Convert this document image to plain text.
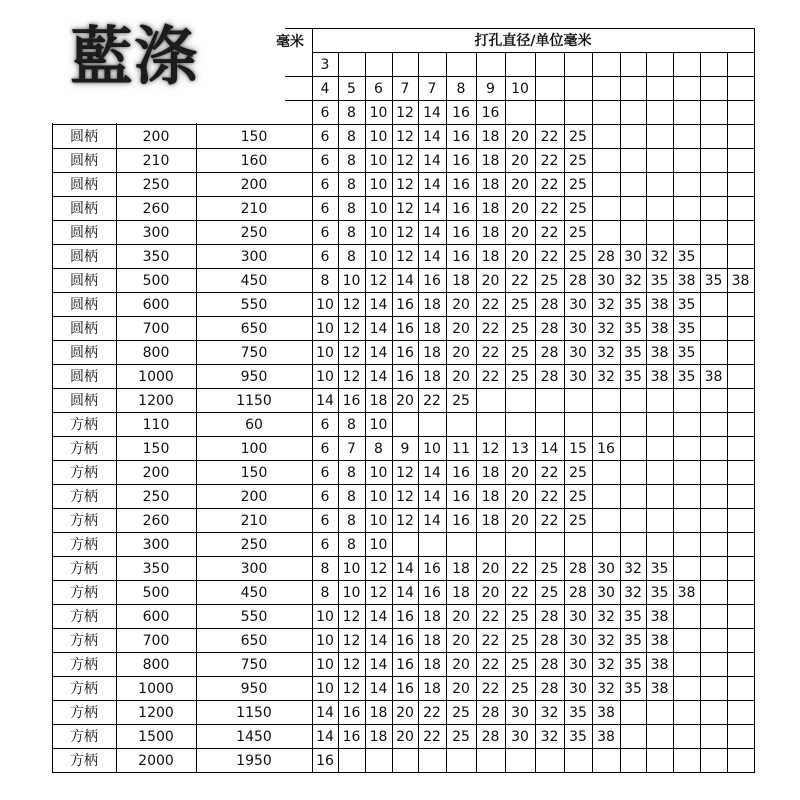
毫米	打孔直径/单位毫米
3
4	5	6	7	7	8	9	10
6	8 10 12 14 16 16
圆柄	200	150	6	8 10 12 14 16 18 20 22 25
圆柄	210	160	6	8 10 12 14 16 18 20 22 25
圆柄	250	200	6	8 10 12 14 16 18 20 22 25
圆柄	260	210	6	8 10 12 14 16 18 20 22 25
圆柄	300	250	6	8 10 12 14 16 18 20 22 25
圆柄	350	300	6	8 10 12 14 16 18 20 22 25 28 30 32 35
圆柄	500	450	8 10 12 14 16 18 20 22 25 28 30 32 35 38 35 38
圆柄	600	550	10 12 14 16 18 20 22 25 28 30 32 35 38 35
圆柄	700	650	10 12 14 16 18 20 22 25 28 30 32 35 38 35
圆柄	800	750	10 12 14 16 18 20 22 25 28 30 32 35 38 35
圆柄	1000	950	10 12 14 16 18 20 22 25 28 30 32 35 38 35 38
圆柄	1200	1150	14 16 18 20 22 25
方柄	110	60	6	8 10
方柄	150	100	6	7	8	9 10 11 12 13 14 15 16
方柄	200	150	6	8 10 12 14 16 18 20 22 25
方柄	250	200	6	8 10 12 14 16 18 20 22 25
方柄	260	210	6	8 10 12 14 16 18 20 22 25
方柄	300	250	6	8 10
方柄	350	300	8 10 12 14 16 18 20 22 25 28 30 32 35
方柄	500	450	8 10 12 14 16 18 20 22 25 28 30 32 35 38
方柄	600	550	10 12 14 16 18 20 22 25 28 30 32 35 38
方柄	700	650	10 12 14 16 18 20 22 25 28 30 32 35 38
方柄	800	750	10 12 14 16 18 20 22 25 28 30 32 35 38
方柄	1000	950	10 12 14 16 18 20 22 25 28 30 32 35 38
方柄	1200	1150	14 16 18 20 22 25 28 30 32 35 38
方柄	1500	1450	14 16 18 20 22 25 28 30 32 35 38
方柄	2000	1950	16
藍涤
